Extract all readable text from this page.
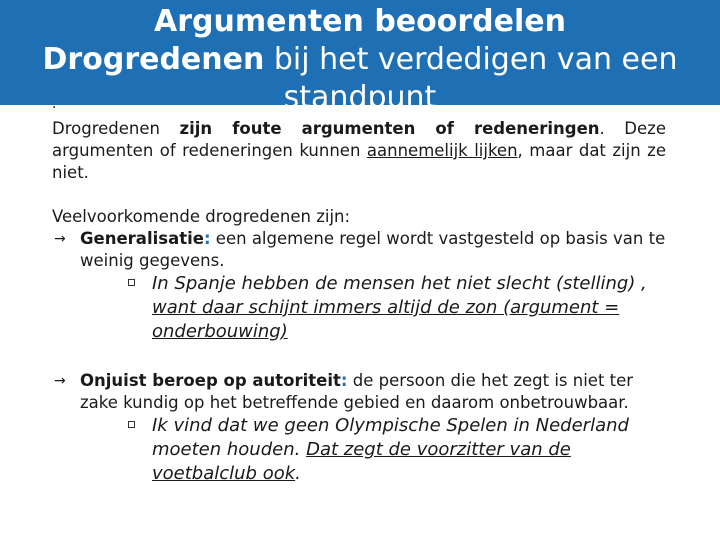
Argumenten beoordelen
Drogredenen bij het verdedigen van een
standpunt
.

Drogredenen zijn foute argumenten of redeneringen. Deze argumenten of redeneringen kunnen aannemelijk lijken, maar dat zijn ze niet.

Veelvoorkomende drogredenen zijn:

→ Generalisatie: een algemene regel wordt vastgesteld op basis van te weinig gegevens.

In Spanje hebben de mensen het niet slecht (stelling) , want daar schijnt immers altijd de zon (argument = onderbouwing)

→ Onjuist beroep op autoriteit: de persoon die het zegt is niet ter zake kundig op het betreffende gebied en daarom onbetrouwbaar.

Ik vind dat we geen Olympische Spelen in Nederland moeten houden. Dat zegt de voorzitter van de voetbalclub ook.
